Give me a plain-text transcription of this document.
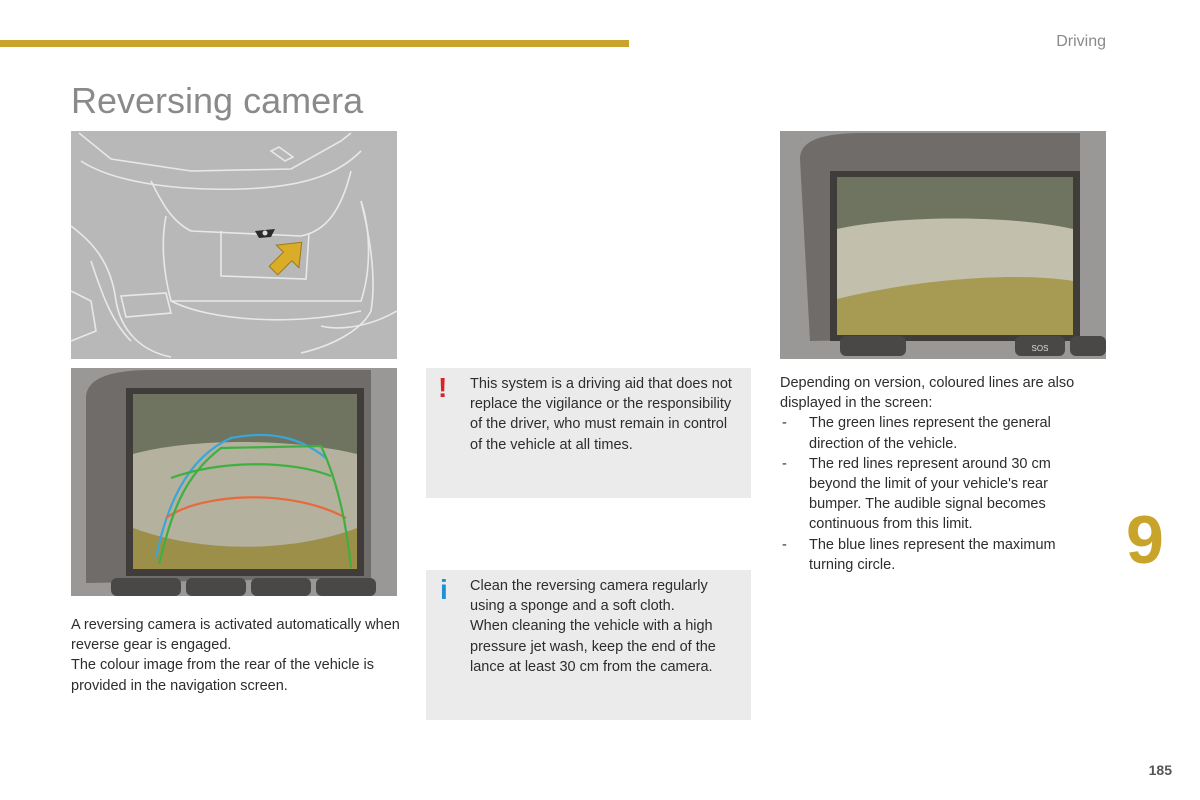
Driving
Reversing camera
SOS

A reversing camera is activated automatically when reverse gear is engaged.

The colour image from the rear of the vehicle is provided in the navigation screen.

! This system is a driving aid that does not replace the vigilance or the responsibility of the driver, who must remain in control of the vehicle at all times.
i Clean the reversing camera regularly using a sponge and a soft cloth.
When cleaning the vehicle with a high pressure jet wash, keep the end of the lance at least 30 cm from the camera.

Depending on version, coloured lines are also displayed in the screen:

- The green lines represent the general direction of the vehicle.
- The red lines represent around 30 cm beyond the limit of your vehicle's rear bumper. The audible signal becomes continuous from this limit.
- The blue lines represent the maximum turning circle.	9
185
